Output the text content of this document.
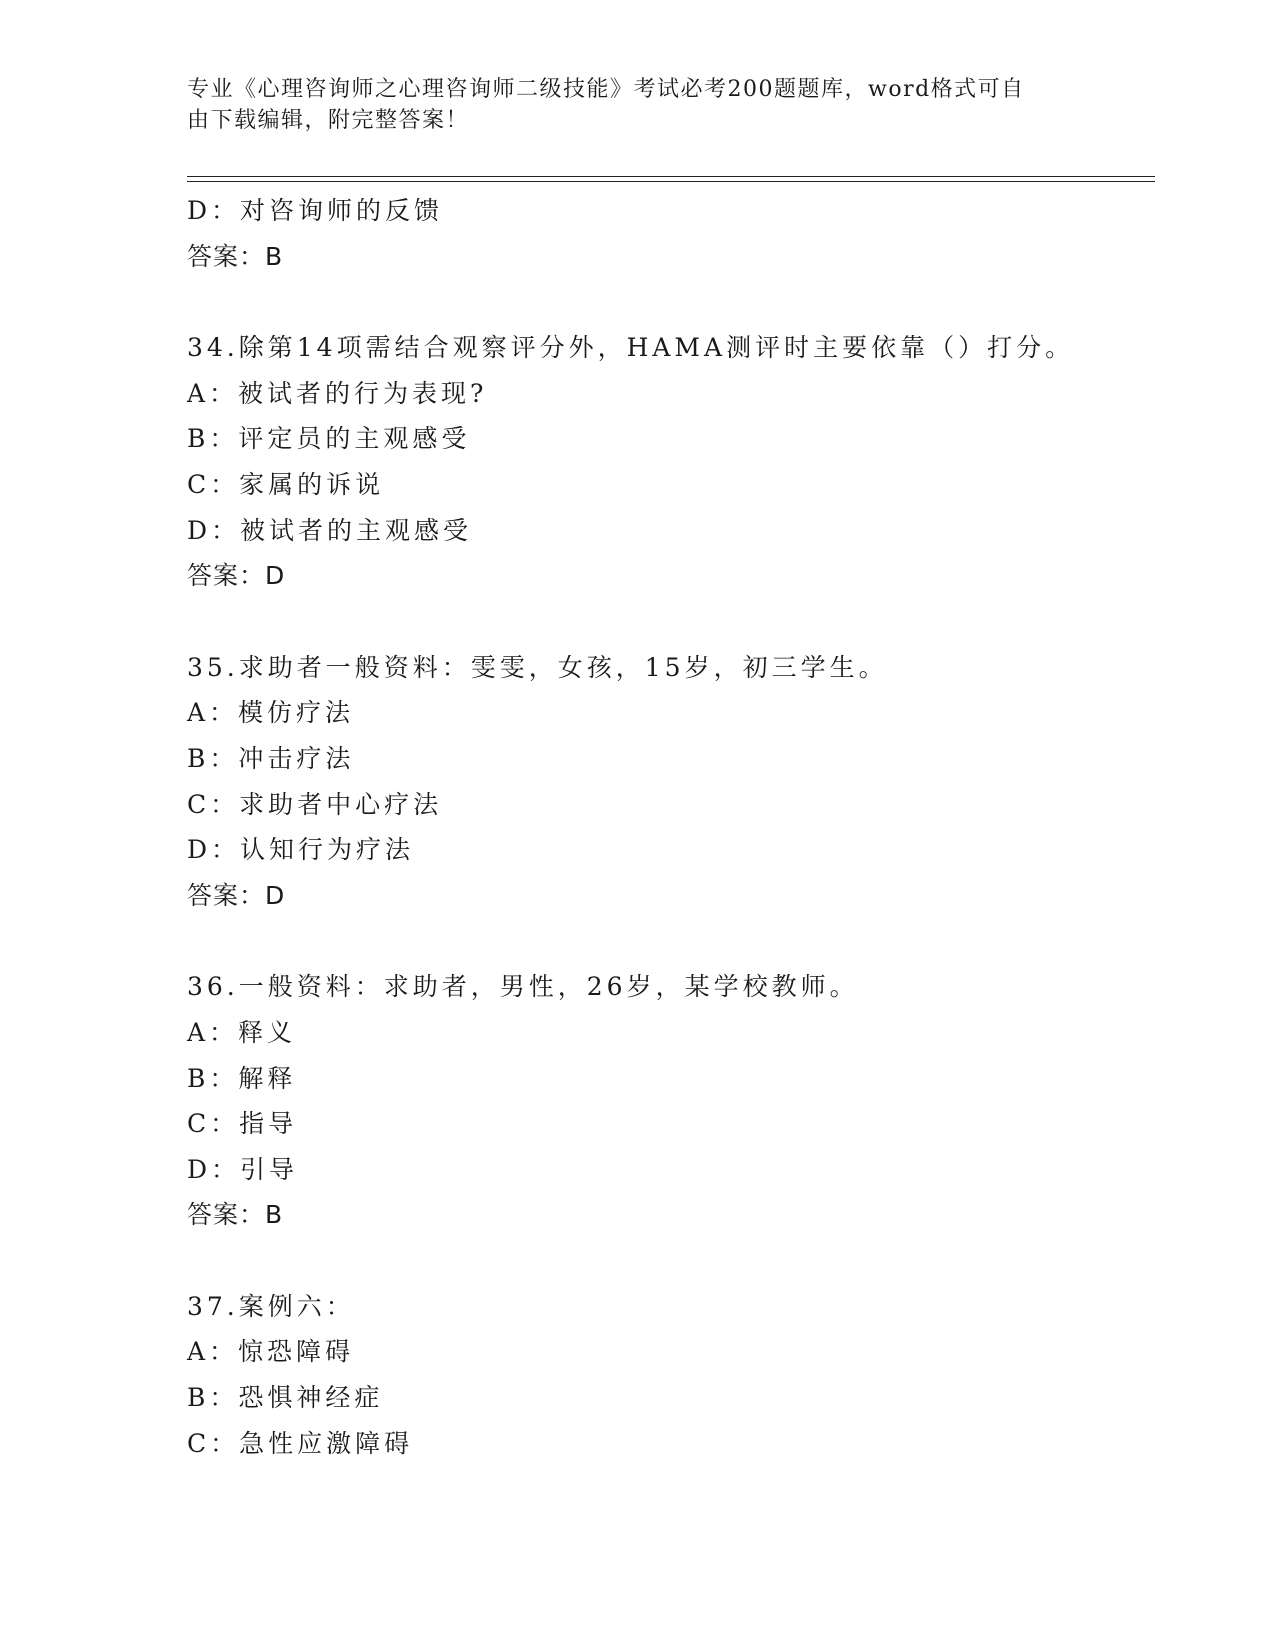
专业《心理咨询师之心理咨询师二级技能》考试必考200题题库，word格式可自
由下载编辑，附完整答案！
D：对咨询师的反馈
答案：B
34.除第14项需结合观察评分外，HAMA测评时主要依靠（）打分。
A：被试者的行为表现?
B：评定员的主观感受
C：家属的诉说
D：被试者的主观感受
答案：D
35.求助者一般资料：雯雯，女孩，15岁，初三学生。
A：模仿疗法
B：冲击疗法
C：求助者中心疗法
D：认知行为疗法
答案：D
36.一般资料：求助者，男性，26岁，某学校教师。
A：释义
B：解释
C：指导
D：引导
答案：B
37.案例六：
A：惊恐障碍
B：恐惧神经症
C：急性应激障碍
